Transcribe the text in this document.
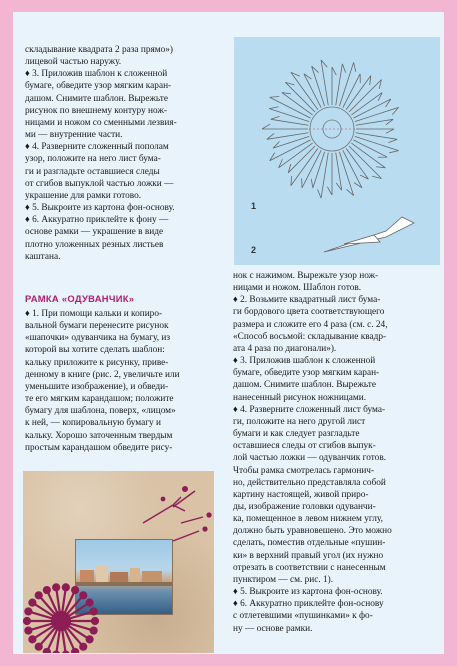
складывание квадрата 2 раза прямо»)
лицевой частью наружу.
♦ 3. Приложив шаблон к сложенной
бумаге, обведите узор мягким каран-
дашом. Снимите шаблон. Вырежьте
рисунок по внешнему контуру нож-
ницами и ножом со сменными лезвия-
ми — внутренние части.
♦ 4. Разверните сложенный пополам
узор, положите на него лист бума-
ги и разгладьте оставшиеся следы
от сгибов выпуклой частью ложки —
украшение для рамки готово.
♦ 5. Выкроите из картона фон-основу.
♦ 6. Аккуратно приклейте к фону —
основе рамки — украшение в виде
плотно уложенных резных листьев
каштана.
РАМКА «ОДУВАНЧИК»
♦ 1. При помощи кальки и копиро-
вальной бумаги перенесите рисунок
«шапочки» одуванчика на бумагу, из
которой вы хотите сделать шаблон:
кальку приложите к рисунку, приве-
денному в книге (рис. 2, увеличьте или
уменьшите изображение), и обведи-
те его мягким карандашом; положите
бумагу для шаблона, поверх, «лицом»
к ней, — копировальную бумагу и
кальку. Хорошо заточенным твердым
простым карандашом обведите рису-
нок с нажимом. Вырежьте узор нож-
ницами и ножом. Шаблон готов.
♦ 2. Возьмите квадратный лист бума-
ги бордового цвета соответствующего
размера и сложите его 4 раза (см. с. 24,
«Способ восьмой: складывание квадр-
ата 4 раза по диагонали»).
♦ 3. Приложив шаблон к сложенной
бумаге, обведите узор мягким каран-
дашом. Снимите шаблон. Вырежьте
нанесенный рисунок ножницами.
♦ 4. Разверните сложенный лист бума-
ги, положите на него другой лист
бумаги и как следует разгладьте
оставшиеся следы от сгибов выпук-
лой частью ложки — одуванчик готов.
Чтобы рамка смотрелась гармонич-
но, действительно представляла собой
картину настоящей, живой приро-
ды, изображение головки одуванчи-
ка, помещенное в левом нижнем углу,
должно быть уравновешено. Это можно
сделать, поместив отдельные «пушин-
ки» в верхний правый угол (их нужно
отрезать в соответствии с нанесенным
пунктиром — см. рис. 1).
♦ 5. Выкроите из картона фон-основу.
♦ 6. Аккуратно приклейте фон-основу
с отлетевшими «пушинками» к фо-
ну — основе рамки.
1
2
